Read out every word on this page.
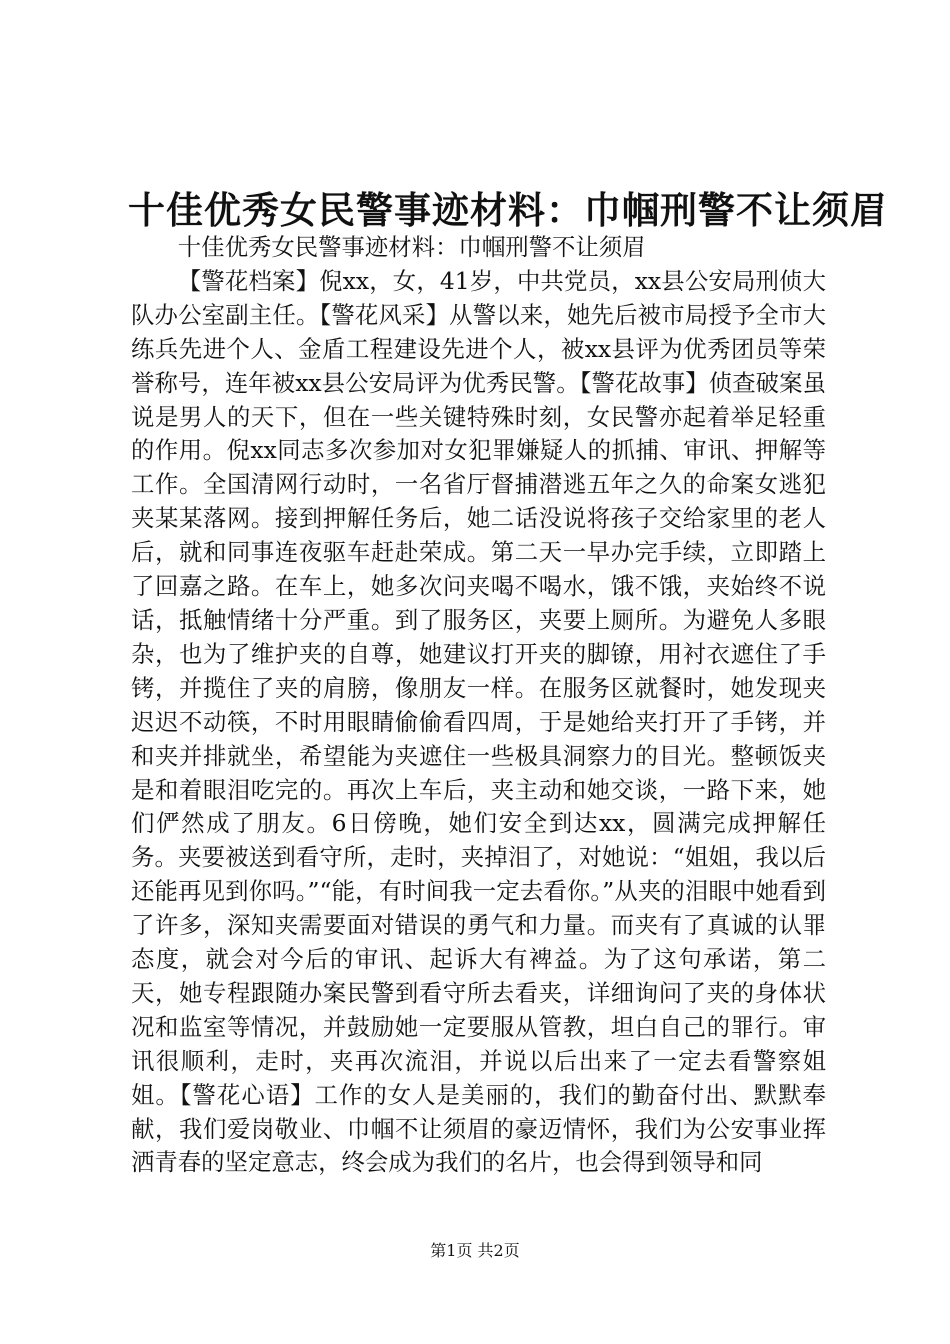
十佳优秀女民警事迹材料：巾帼刑警不让须眉

十佳优秀女民警事迹材料：巾帼刑警不让须眉

【警花档案】倪xx，女，41岁，中共党员，xx县公安局刑侦大队办公室副主任。【警花风采】从警以来，她先后被市局授予全市大练兵先进个人、金盾工程建设先进个人，被xx县评为优秀团员等荣誉称号，连年被xx县公安局评为优秀民警。【警花故事】侦查破案虽说是男人的天下，但在一些关键特殊时刻，女民警亦起着举足轻重的作用。倪xx同志多次参加对女犯罪嫌疑人的抓捕、审讯、押解等工作。全国清网行动时，一名省厅督捕潜逃五年之久的命案女逃犯夹某某落网。接到押解任务后，她二话没说将孩子交给家里的老人后，就和同事连夜驱车赶赴荣成。第二天一早办完手续，立即踏上了回嘉之路。在车上，她多次问夹喝不喝水，饿不饿，夹始终不说话，抵触情绪十分严重。到了服务区，夹要上厕所。为避免人多眼杂，也为了维护夹的自尊，她建议打开夹的脚镣，用衬衣遮住了手铐，并揽住了夹的肩膀，像朋友一样。在服务区就餐时，她发现夹迟迟不动筷，不时用眼睛偷偷看四周，于是她给夹打开了手铐，并和夹并排就坐，希望能为夹遮住一些极具洞察力的目光。整顿饭夹是和着眼泪吃完的。再次上车后，夹主动和她交谈，一路下来，她们俨然成了朋友。6日傍晚，她们安全到达xx，圆满完成押解任务。夹要被送到看守所，走时，夹掉泪了，对她说：“姐姐，我以后还能再见到你吗。”“能，有时间我一定去看你。”从夹的泪眼中她看到了许多，深知夹需要面对错误的勇气和力量。而夹有了真诚的认罪态度，就会对今后的审讯、起诉大有裨益。为了这句承诺，第二天，她专程跟随办案民警到看守所去看夹，详细询问了夹的身体状况和监室等情况，并鼓励她一定要服从管教，坦白自己的罪行。审讯很顺利，走时，夹再次流泪，并说以后出来了一定去看警察姐姐。【警花心语】工作的女人是美丽的，我们的勤奋付出、默默奉献，我们爱岗敬业、巾帼不让须眉的豪迈情怀，我们为公安事业挥洒青春的坚定意志，终会成为我们的名片，也会得到领导和同

第1页 共2页
